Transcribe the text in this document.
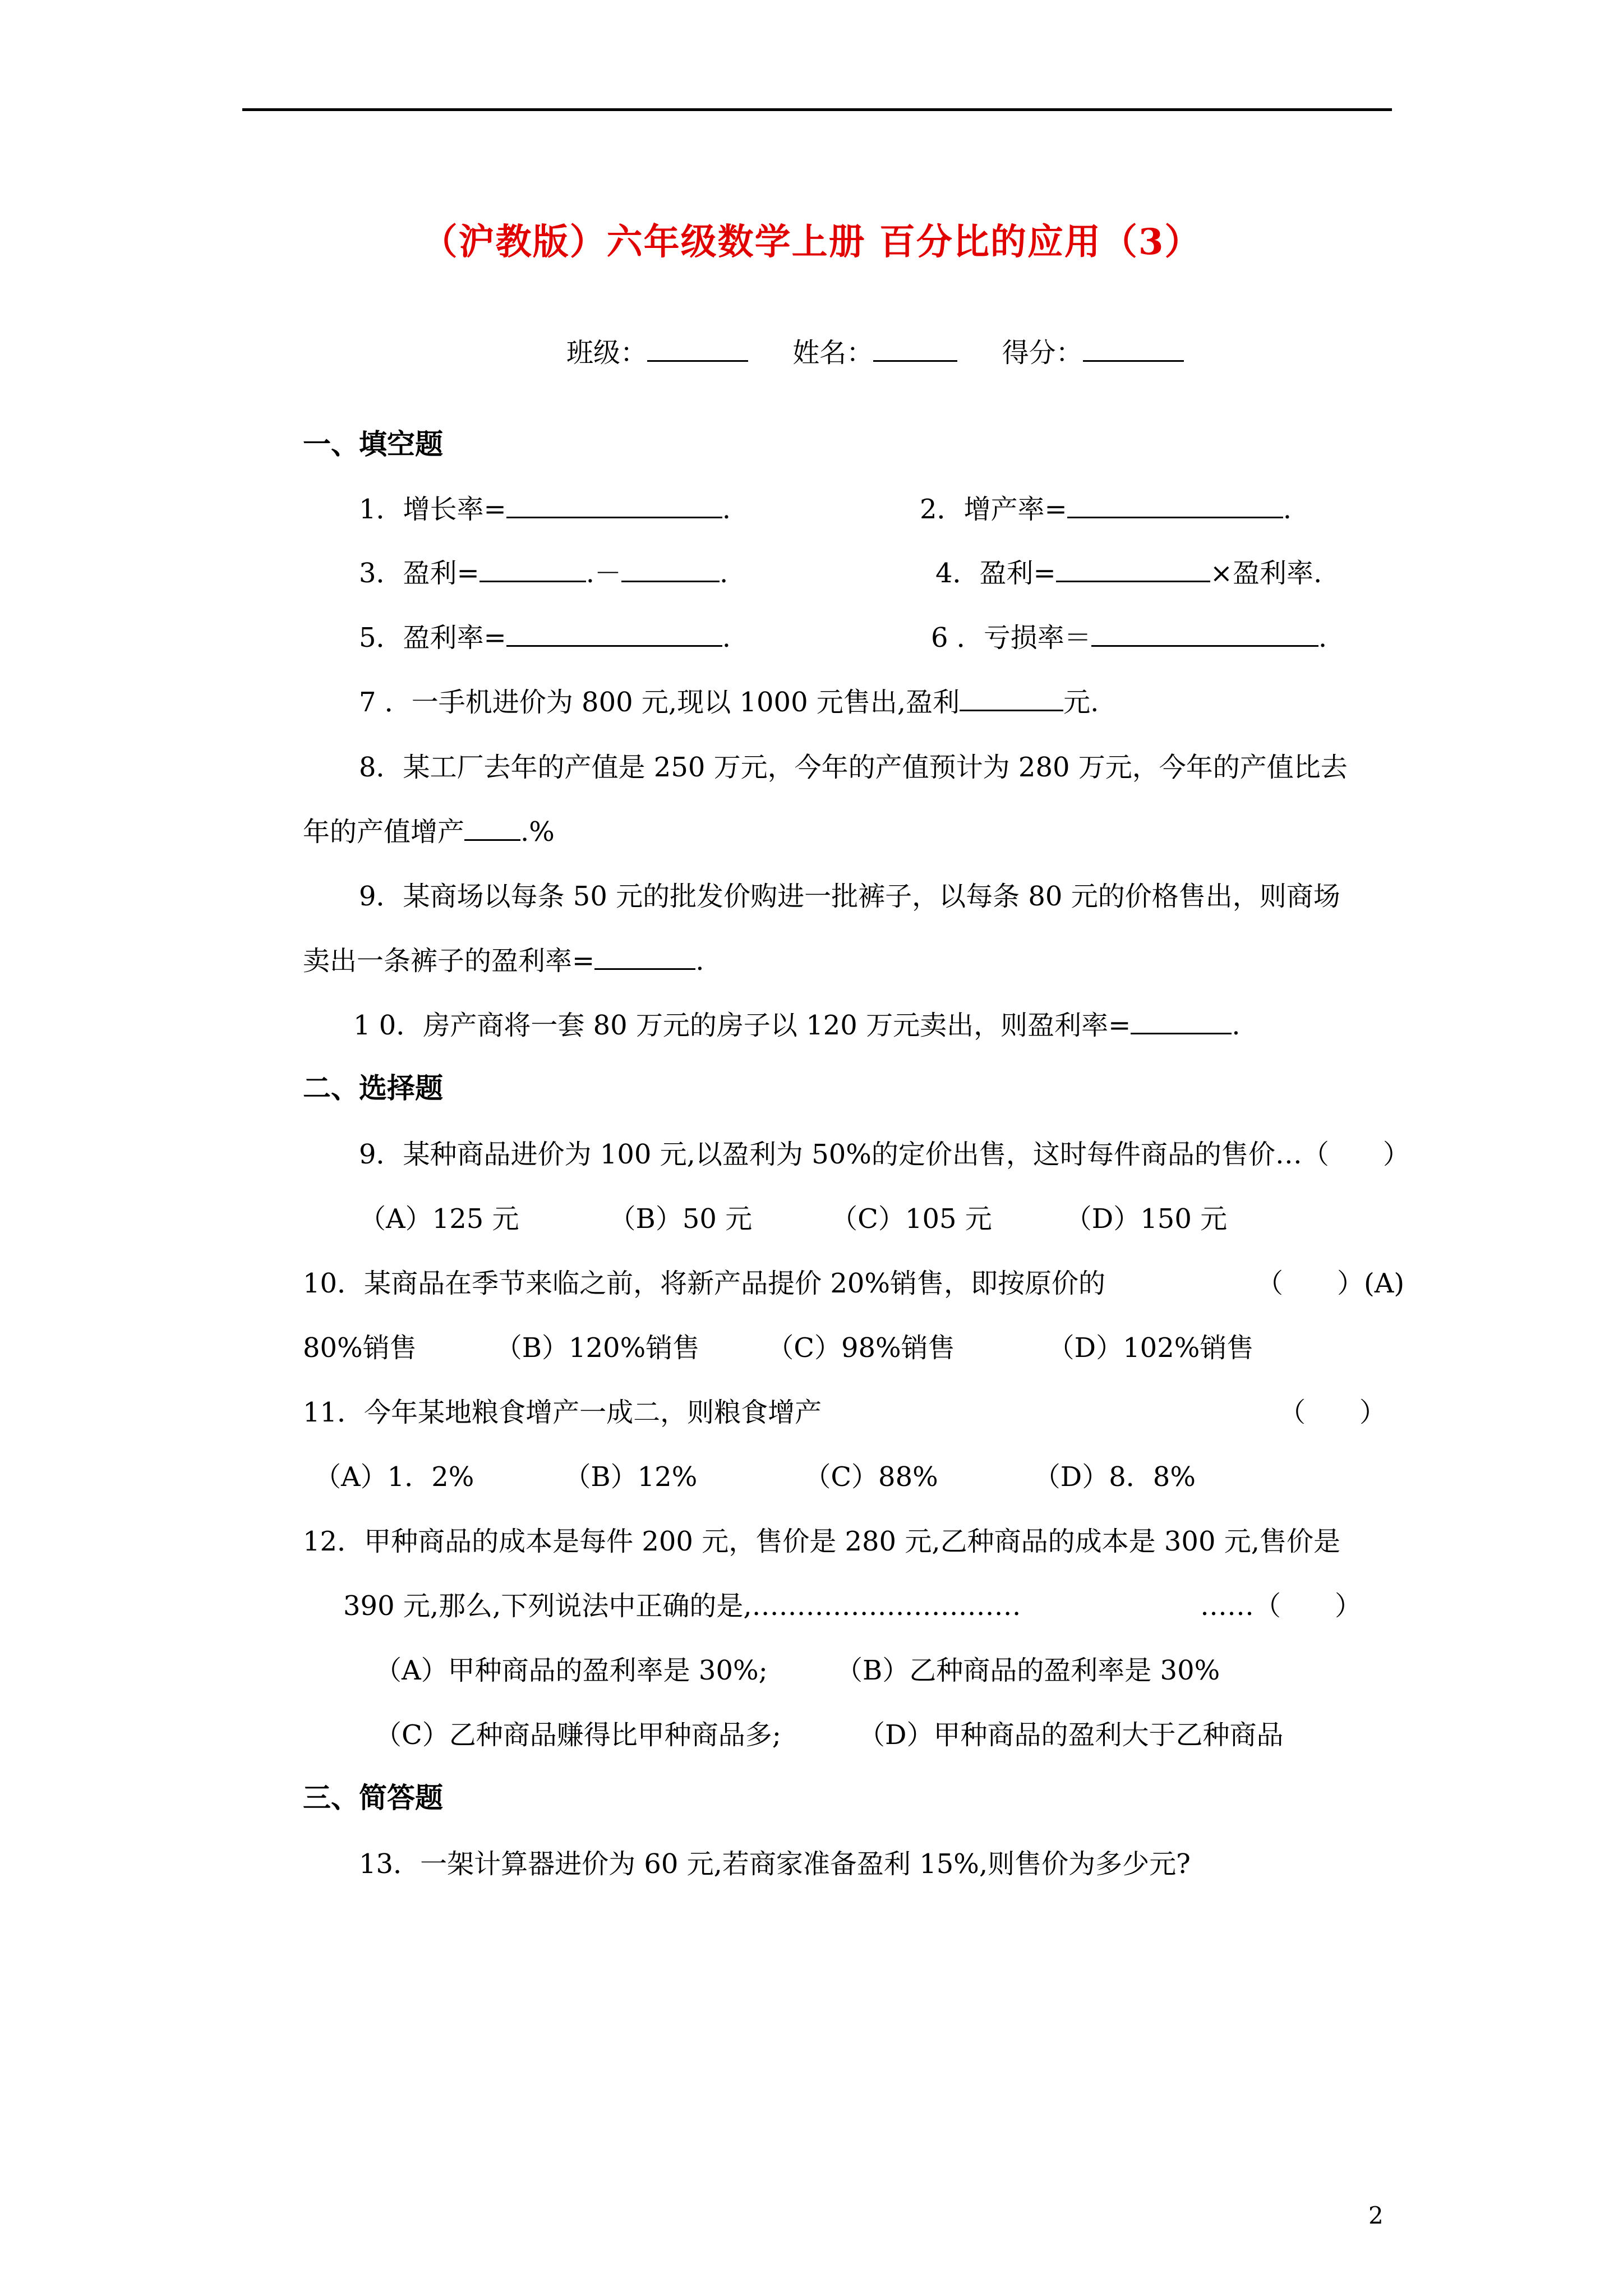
（沪教版）六年级数学上册 百分比的应用（3）
班级：	姓名：	得分：
一、填空题
1．增长率=	.	2．增产率=	.
3．盈利=	.－	.	4．盈利=	×盈利率.
5．盈利率=	.	6 ．亏损率＝	.
7 ．一手机进价为 800 元,现以 1000 元售出,盈利	元.
8．某工厂去年的产值是 250 万元，今年的产值预计为 280 万元，今年的产值比去
年的产值增产 .%
9．某商场以每条 50 元的批发价购进一批裤子，以每条 80 元的价格售出，则商场
卖出一条裤子的盈利率=	.
1 0．房产商将一套 80 万元的房子以 120 万元卖出，则盈利率=	.
二、选择题
9．某种商品进价为 100 元,以盈利为 50%的定价出售，这时每件商品的售价…（　　）
（A）125 元	（B）50 元	（C）105 元	（D）150 元
10．某商品在季节来临之前，将新产品提价 20%销售，即按原价的	（　　）(A)
80%销售	（B）120%销售	（C）98%销售	（D）102%销售
11．今年某地粮食增产一成二，则粮食增产	（　　）
（A）1．2%	（B）12%	（C）88%	（D）8．8%
12．甲种商品的成本是每件 200 元，售价是 280 元,乙种商品的成本是 300 元,售价是
390 元,那么,下列说法中正确的是,…………………………	……（　　）
（A）甲种商品的盈利率是 30%;	（B）乙种商品的盈利率是 30%
（C）乙种商品赚得比甲种商品多;	（D）甲种商品的盈利大于乙种商品
三、简答题
13．一架计算器进价为 60 元,若商家准备盈利 15%,则售价为多少元?
2
